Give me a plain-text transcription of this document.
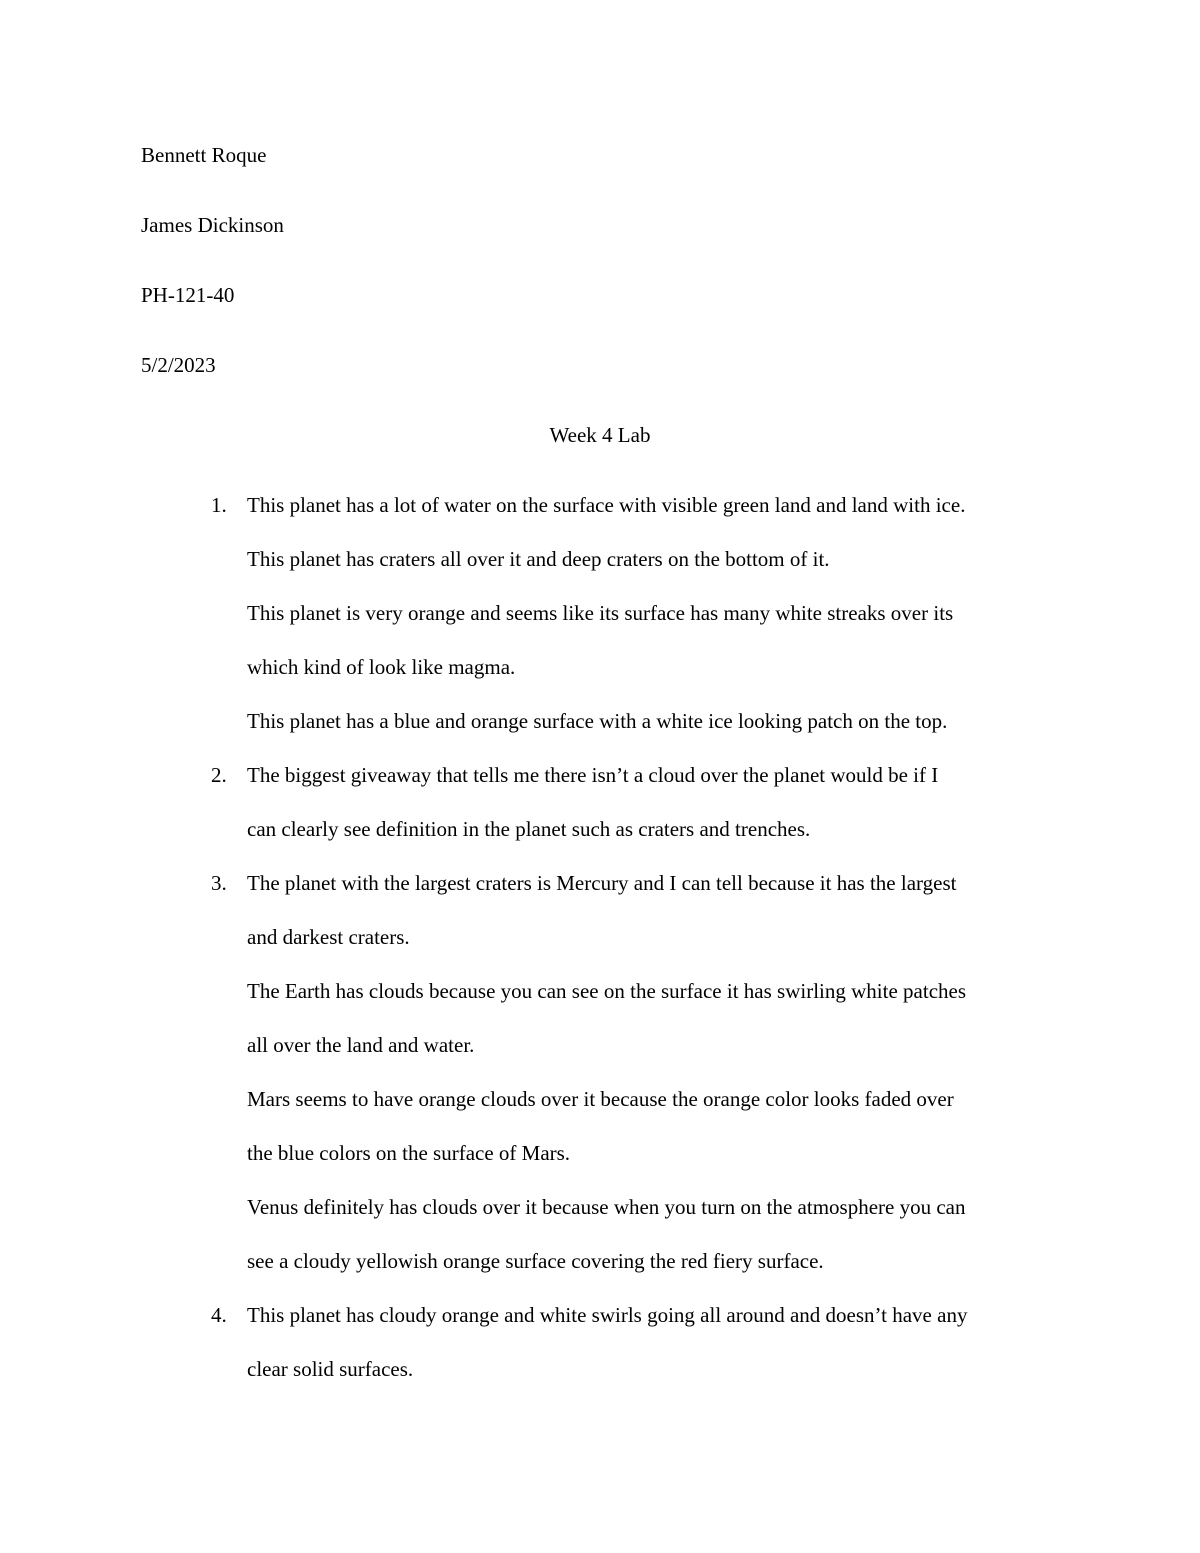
Bennett Roque
James Dickinson
PH-121-40
5/2/2023
Week 4 Lab
1. This planet has a lot of water on the surface with visible green land and land with ice.
This planet has craters all over it and deep craters on the bottom of it.
This planet is very orange and seems like its surface has many white streaks over its
which kind of look like magma.
This planet has a blue and orange surface with a white ice looking patch on the top.
2. The biggest giveaway that tells me there isn’t a cloud over the planet would be if I
can clearly see definition in the planet such as craters and trenches.
3. The planet with the largest craters is Mercury and I can tell because it has the largest
and darkest craters.
The Earth has clouds because you can see on the surface it has swirling white patches
all over the land and water.
Mars seems to have orange clouds over it because the orange color looks faded over
the blue colors on the surface of Mars.
Venus definitely has clouds over it because when you turn on the atmosphere you can
see a cloudy yellowish orange surface covering the red fiery surface.
4. This planet has cloudy orange and white swirls going all around and doesn’t have any
clear solid surfaces.
